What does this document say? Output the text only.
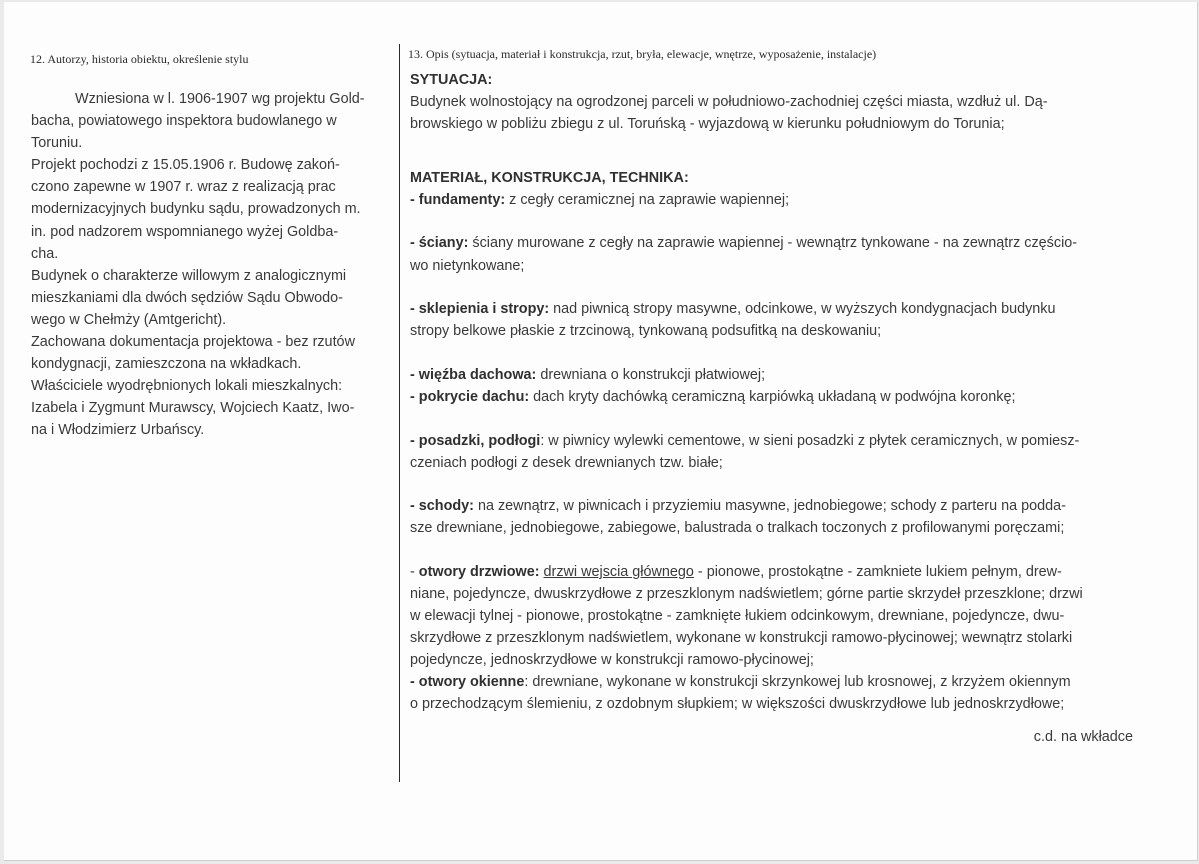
12. Autorzy, historia obiektu, określenie stylu	13. Opis (sytuacja, materiał i konstrukcja, rzut, bryła, elewacje, wnętrze, wyposażenie, instalacje)

Wzniesiona w l. 1906-1907 wg projektu Gold-

bacha, powiatowego inspektora budowlanego w

Toruniu.

Projekt pochodzi z 15.05.1906 r. Budowę zakoń-

czono zapewne w 1907 r. wraz z realizacją prac

modernizacyjnych budynku sądu, prowadzonych m.

in. pod nadzorem wspomnianego wyżej Goldba-

cha.

Budynek o charakterze willowym z analogicznymi

mieszkaniami dla dwóch sędziów Sądu Obwodo-

wego w Chełmży (Amtgericht).

Zachowana dokumentacja projektowa - bez rzutów

kondygnacji, zamieszczona na wkładkach.

Właściciele wyodrębnionych lokali mieszkalnych:

Izabela i Zygmunt Murawscy, Wojciech Kaatz, Iwo-

na i Włodzimierz Urbańscy.

SYTUACJA:

Budynek wolnostojący na ogrodzonej parceli w południowo-zachodniej części miasta, wzdłuż ul. Dą-

browskiego w pobliżu zbiegu z ul. Toruńską - wyjazdową w kierunku południowym do Torunia;

MATERIAŁ, KONSTRUKCJA, TECHNIKA:

- fundamenty: z cegły ceramicznej na zaprawie wapiennej;

- ściany: ściany murowane z cegły na zaprawie wapiennej - wewnątrz tynkowane - na zewnątrz częścio-

wo nietynkowane;

- sklepienia i stropy: nad piwnicą stropy masywne, odcinkowe, w wyższych kondygnacjach budynku

stropy belkowe płaskie z trzcinową, tynkowaną podsufitką na deskowaniu;

- więźba dachowa: drewniana o konstrukcji płatwiowej;

- pokrycie dachu: dach kryty dachówką ceramiczną karpiówką układaną w podwójna koronkę;

- posadzki, podłogi: w piwnicy wylewki cementowe, w sieni posadzki z płytek ceramicznych, w pomiesz-

czeniach podłogi z desek drewnianych tzw. białe;

- schody: na zewnątrz, w piwnicach i przyziemiu masywne, jednobiegowe; schody z parteru na podda-

sze drewniane, jednobiegowe, zabiegowe, balustrada o tralkach toczonych z profilowanymi poręczami;

- otwory drzwiowe: drzwi wejscia głównego - pionowe, prostokątne - zamkniete lukiem pełnym, drew-

niane, pojedyncze, dwuskrzydłowe z przeszklonym nadświetlem; górne partie skrzydeł przeszklone; drzwi

w elewacji tylnej - pionowe, prostokątne - zamknięte łukiem odcinkowym, drewniane, pojedyncze, dwu-

skrzydłowe z przeszklonym nadświetlem, wykonane w konstrukcji ramowo-płycinowej; wewnątrz stolarki

pojedyncze, jednoskrzydłowe w konstrukcji ramowo-płycinowej;

- otwory okienne: drewniane, wykonane w konstrukcji skrzynkowej lub krosnowej, z krzyżem okiennym

o przechodzącym ślemieniu, z ozdobnym słupkiem; w większości dwuskrzydłowe lub jednoskrzydłowe;

c.d. na wkładce
